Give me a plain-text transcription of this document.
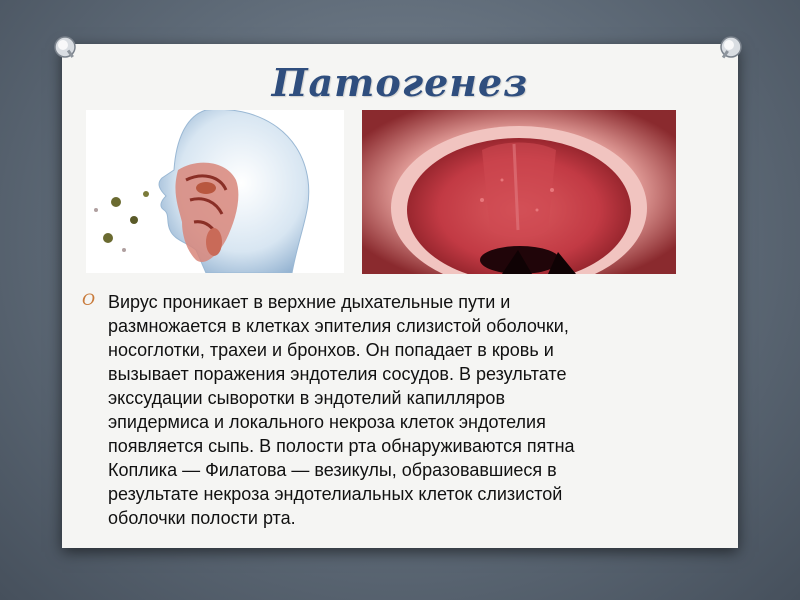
Патогенез
O Вирус проникает в верхние дыхательные пути и
размножается в клетках эпителия слизистой оболочки,
носоглотки, трахеи и бронхов. Он попадает в кровь и
вызывает поражения эндотелия сосудов. В результате
экссудации сыворотки в эндотелий капилляров
эпидермиса и локального некроза клеток эндотелия
появляется сыпь. В полости рта обнаруживаются пятна
Коплика — Филатова — везикулы, образовавшиеся в
результате некроза эндотелиальных клеток слизистой
оболочки полости рта.
